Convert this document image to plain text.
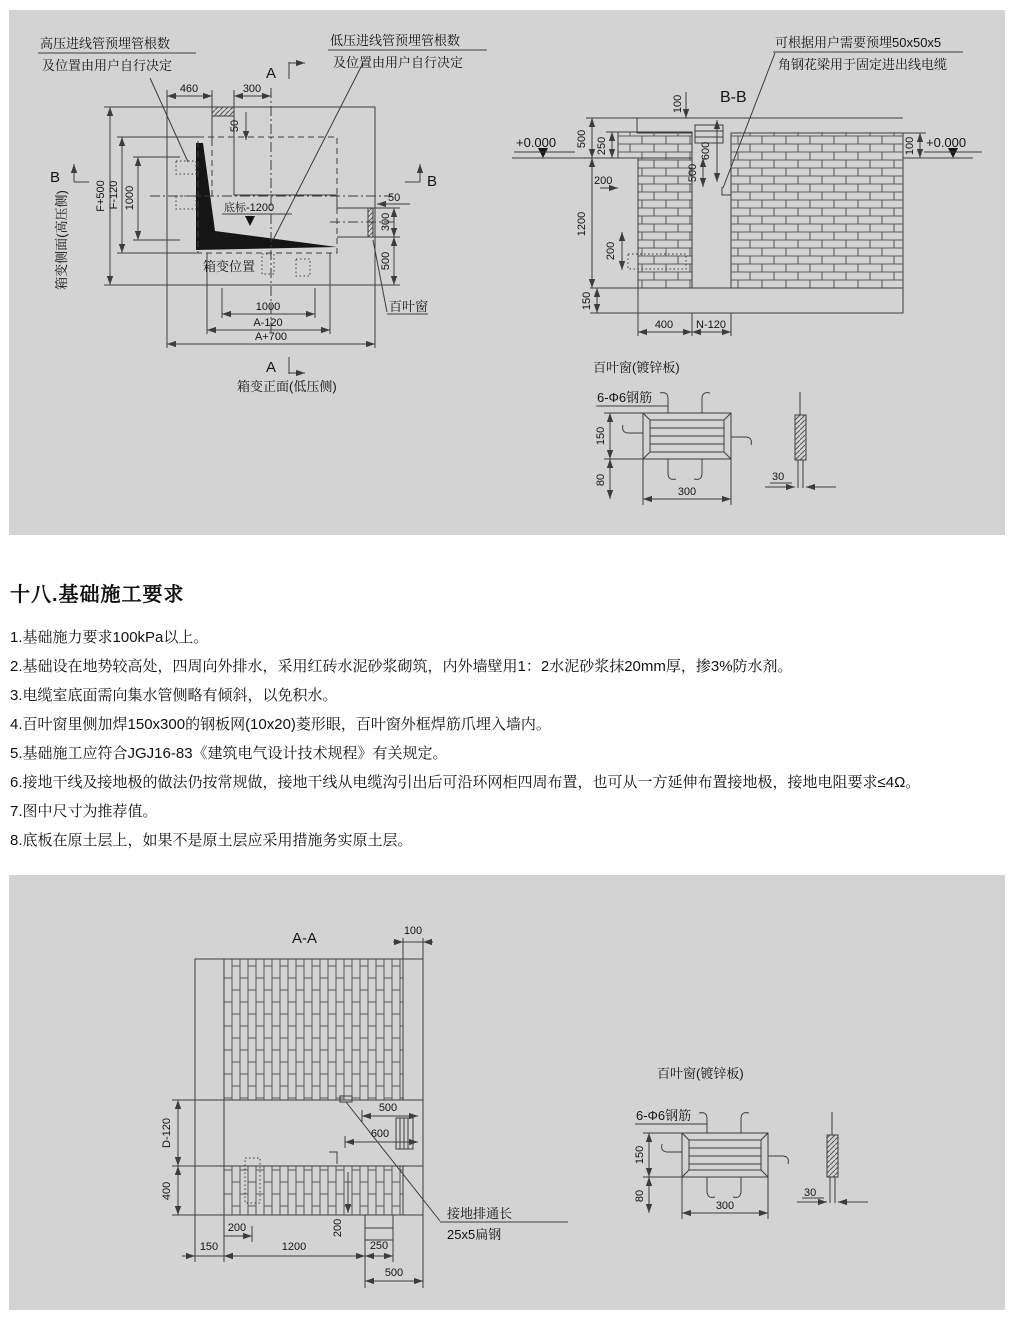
高压进线管预埋管根数
及位置由用户自行决定
低压进线管预埋管根数
及位置由用户自行决定
A
A
B	B
箱变侧面(高压侧)
箱变正面(低压侧)
箱变位置
百叶窗
底标-1200
460	300
50
F+500 F-120 1000
1000
A-120
A+700
50
300
500
B-B
可根据用户需要预埋50x50x5
角钢花梁用于固定进出线电缆
+0.000	+0.000
100
600
500
500 250
200
1200
200
150
400 N-120
100
百叶窗(镀锌板)
6-Φ6钢筋
150
80
300
30
十八.基础施工要求

1.基础施力要求100kPa以上。

2.基础设在地势较高处，四周向外排水，采用红砖水泥砂浆砌筑，内外墙壁用1：2水泥砂浆抹20mm厚，掺3%防水剂。

3.电缆室底面需向集水管侧略有倾斜，以免积水。

4.百叶窗里侧加焊150x300的钢板网(10x20)菱形眼，百叶窗外框焊筋爪埋入墙内。

5.基础施工应符合JGJ16-83《建筑电气设计技术规程》有关规定。

6.接地干线及接地极的做法仍按常规做，接地干线从电缆沟引出后可沿环网柜四周布置，也可从一方延伸布置接地极，接地电阻要求≤4Ω。

7.图中尺寸为推荐值。

8.底板在原土层上，如果不是原土层应采用措施务实原土层。

A-A	100
D-120
400
500
600
200
200
150	1200	250
500
接地排通长
25x5扁钢
百叶窗(镀锌板)
6-Φ6钢筋
150
80
300
30
